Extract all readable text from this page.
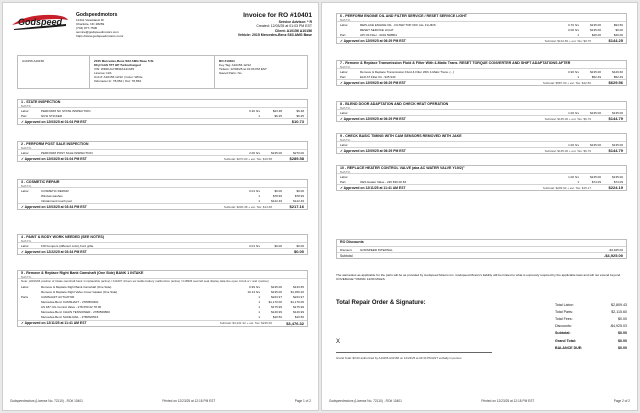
Godspeed
Godspeedmotors
11441 Vanoklassl Dr
Charlotte, NC 28269
(704) 877-7500
service@godspeedmotors.com
https://www.godspeedmotors.com/
Invoice for RO #10401
Service Advisor: * R
Created: 12/03/25 at 01:03 PM EST
Client: A10156 A10156
Vehicle: 2015 Mercedes-Benz S63 AMG Base
A10156 A10156	2015 Mercedes-Benz S63 AMG Base 5.5L
8Cyl GAS 577 HP Turbocharged
VIN: WDDUG7JB9FA121345
License: N/A
Unit #: A10156 12/12 | Color: White
Odometer In: 78,652 | Out: 78,652
RO #10401
Key Tag: A10156 12/12
Tickets: 12/03/25 at 01:03 PM EST
Saved Parts: No
1 - STATE INSPECTION
Tech TC
Labor	PERFORM NC STATE INSPECTION	0.30 hrs	$23.38	$6.48
Part	NCSI STICKER	1	$6.25	$6.25
✓ Approved on 12/03/25 at 01:04 PM EST	$10.73
2 - PERFORM POST SALE INSPECTION
Tech T.C.
Labor	PERFORM POST SALE INSPECTION	2.00 hrs	$135.00	$270.00
✓ Approved on 12/03/25 at 01:04 PM EST	Subtotal: $270.00 + est. Tax: $19.58	$289.58
3 - COSMETIC REPAIR
Tech T.C.
Labor	COSMETIC REPAIR	0.01 hrs	$0.00	$0.00
Window washes	1	$78.99	$78.99
Infotainment touch pad	1	$122.49	$122.49
✓ Approved on 12/03/25 at 03:34 PM EST	Subtotal: $200.48 + est. Tax: $14.68	$217.16
4 - PAINT & BODY WORK NEEDED (SEE NOTES)
Tech T.C.
Labor	F/R bumpers (different color),front grille	0.01 hrs	$0.00	$0.00
✓ Approved on 12/22/25 at 03:34 PM EST	$0.00
5 - Remove & Replace Right Bank Camshaft (One Side) BANK 1 INTAKE
Tech T.C.
Note: p0016A5 position of intake camshaft bank 1 implausible (active) / b1b207 drivers sw stable battery malfunction (active) / b18903 seal left seal display data line open circuit or r and i (active)
Labor	Remove & Replace Right Bank Camshaft (One Side)	0.99 hrs	$135.00	$133.65
Remove & Replace Right Valve Cover Gasket (One Side)	10.13 hrs	$135.00	$1,366.20
Parts	CAMSHAFT ACTUATOR	1	$223.97	$223.97
Mercedes-Benz CAMSHAFT - 2780500301	1	$1,170.00	$1,170.00
AS 187 OIL Control Valve - 278 050 02 78 00	1	$175.99	$175.99
Mercedes-Benz CHAIN TENSIONER - 2780509800	1	$149.99	$149.99
Mercedes-Benz SLIDE RAIL - 2780520516	1	$10.50	$10.50
✓ Approved on 12/11/25 at 11:41 AM EST	Subtotal: $3,241.32 + est. Tax: $235.00	$3,476.32
Godspeedmotors (License No. 72110) - RO# 10401	Printed on 12/23/25 at 12:18 PM EST	Page 1 of 2
6 - PERFORM ENGINE OIL AND FILTER SERVICE / RESET SERVICE LIGHT
Tech T.C.
Labor	REPLACE ENGINE OIL , FILTER TOP OFF ALL FLUIDS	0.70 hrs	$135.00	$94.50
RESET SERVICE LIGHT	0.00 hrs	$135.00	$0.00
Part	API Oil Filter - 0001 508801	1	$40.00	$40.00
✓ Approved on 12/09/25 at 06:29 PM EST	Subtotal: $134.50 + est. Tax: $9.75	$144.25
7 - Remove & Replace Transmission Fluid & Filter With 4-Matic Trans. RESET TORQUE CONVERTER AND SHIFT ADAPTATIONS AFTER
Tech T.C.
Labor	Remove & Replace Transmission Fluid & Filter With 4-Matic Trans. (...)	0.96 hrs	$135.00	$129.60
Part	ELR AT Filter Kit - 925 940	1	$52.49	$52.49
✓ Approved on 12/09/25 at 06:29 PM EST	Subtotal: $587.00 + est. Tax: $42.56	$629.56
8 - BLEND DOOR ADAPTATION AND CHECK HEAT OPERATION
Tech T.C.
Labor	1.00 hrs	$135.00	$135.00
✓ Approved on 12/09/25 at 06:29 PM EST	Subtotal: $135.00 + est. Tax: $9.79	$144.79
9 - CHECK BASIC TIMING WITH CAM SENSORS REMOVED WITH JAKE
Tech T.C.
Labor	1.00 hrs	$135.00	$135.00
✓ Approved on 12/09/25 at 06:29 PM EST	Subtotal: $135.00 + est. Tax: $9.79	$144.79
10 - REPLACE HEATER CONTROL VALVE (aka AC WATER VALVE Y19/2)"
Tech T.C.
Labor	1.00 hrs	$135.00	$135.00
Part	OES Heater Valve - 230 830 00 84	1	$74.09	$74.09
✓ Approved on 12/11/25 at 11:41 AM EST	Subtotal: $209.02 + est. Tax: $15.17	$224.19
RO Discounts
Discount	GODSPEED INTERNAL	-$4,925.00
Subtotal	-$4,925.00
The warranties as applicable for the parts will be as provided by Godspeed Motors Inc. Godspeed Motors's liability will be limited to what is expressly required by the applicable laws and will not extend beyond COVERAGE *OMNIC 12/00 MILES.
Total Repair Order & Signature:
X
Grand Total: $0.00 authorized by A10156 A10156 on 12/23/25 at 03:34 PM EST verbally in person.
Total Labor:	$2,809.43
Total Parts:	$2,115.60
Total Fees:	$0.00
Discounts:	-$4,925.03
Subtotal:	$0.00
Grand Total:	$0.00
BALANCE DUE:	$0.00
Godspeedmotors (License No. 72110) - RO# 10401	Printed on 12/23/25 at 12:18 PM EST	Page 2 of 2
